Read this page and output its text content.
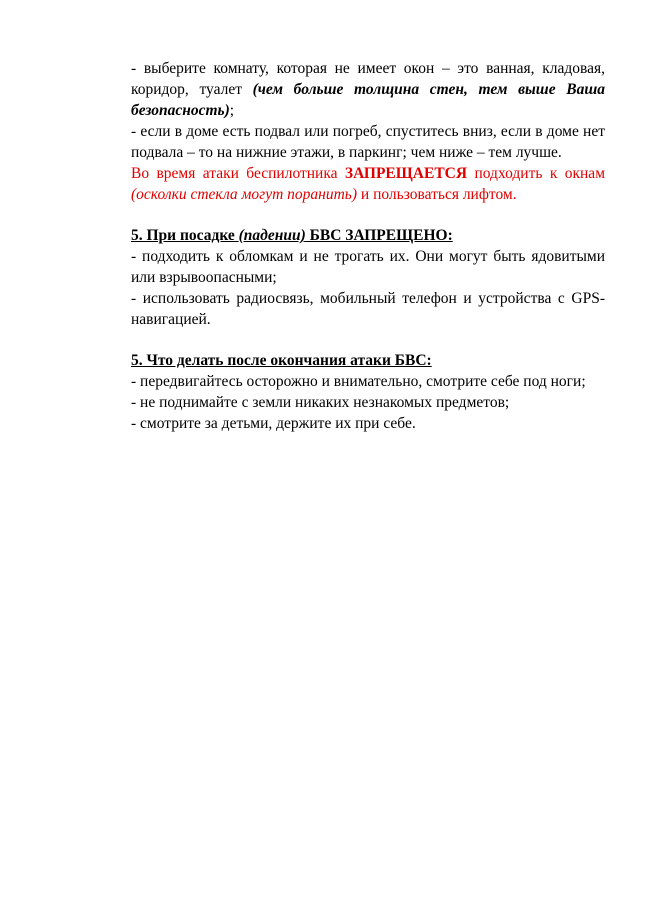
- выберите комнату, которая не имеет окон – это ванная, кладовая, коридор, туалет (чем больше толщина стен, тем выше Ваша безопасность);

- если в доме есть подвал или погреб, спуститесь вниз, если в доме нет подвала – то на нижние этажи, в паркинг; чем ниже – тем лучше.

Во время атаки беспилотника ЗАПРЕЩАЕТСЯ подходить к окнам (осколки стекла могут поранить) и пользоваться лифтом.

5. При посадке (падении) БВС ЗАПРЕЩЕНО:

- подходить к обломкам и не трогать их. Они могут быть ядовитыми или взрывоопасными;

- использовать радиосвязь, мобильный телефон и устройства с GPS-навигацией.

5. Что делать после окончания атаки БВС:

- передвигайтесь осторожно и внимательно, смотрите себе под ноги;

- не поднимайте с земли никаких незнакомых предметов;

- смотрите за детьми, держите их при себе.
